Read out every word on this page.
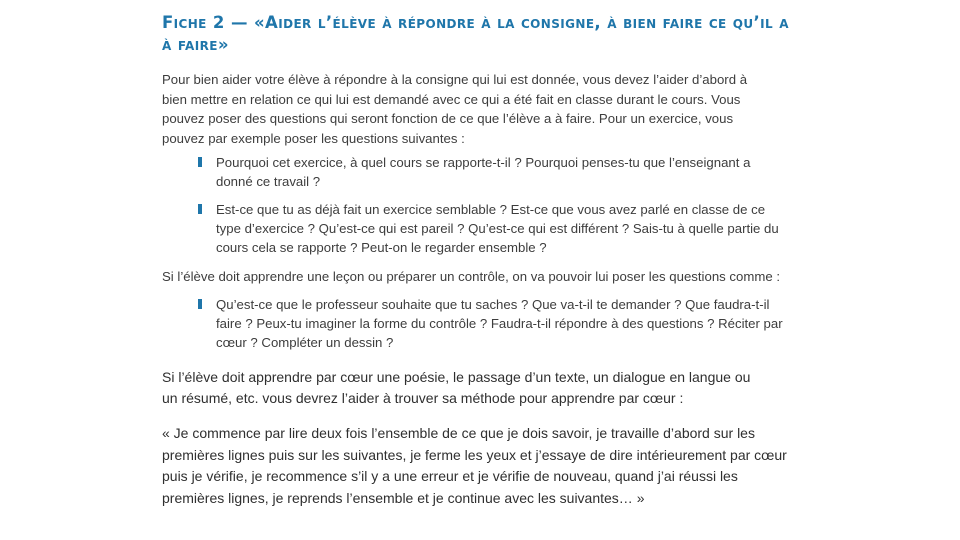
Fiche 2 — «Aider l’élève à répondre à la consigne, à bien faire ce qu’il a à faire»

Pour bien aider votre élève à répondre à la consigne qui lui est donnée, vous devez l’aider d’abord à bien mettre en relation ce qui lui est demandé avec ce qui a été fait en classe durant le cours. Vous pouvez poser des questions qui seront fonction de ce que l’élève a à faire. Pour un exercice, vous pouvez par exemple poser les questions suivantes :

Pourquoi cet exercice, à quel cours se rapporte-t-il ? Pourquoi penses-tu que l’enseignant a donné ce travail ?
Est-ce que tu as déjà fait un exercice semblable ? Est-ce que vous avez parlé en classe de ce type d’exercice ? Qu’est-ce qui est pareil ? Qu’est-ce qui est différent ? Sais-tu à quelle partie du cours cela se rapporte ? Peut-on le regarder ensemble ?

Si l’élève doit apprendre une leçon ou préparer un contrôle, on va pouvoir lui poser les questions comme :

Qu’est-ce que le professeur souhaite que tu saches ? Que va-t-il te demander ? Que faudra-t-il faire ? Peux-tu imaginer la forme du contrôle ? Faudra-t-il répondre à des questions ? Réciter par cœur ? Compléter un dessin ?

Si l’élève doit apprendre par cœur une poésie, le passage d’un texte, un dialogue en langue ou un résumé, etc. vous devrez l’aider à trouver sa méthode pour apprendre par cœur :

« Je commence par lire deux fois l’ensemble de ce que je dois savoir, je travaille d’abord sur les premières lignes puis sur les suivantes, je ferme les yeux et j’essaye de dire intérieurement par cœur puis je vérifie, je recommence s’il y a une erreur et je vérifie de nouveau, quand j’ai réussi les premières lignes, je reprends l’ensemble et je continue avec les suivantes… »
